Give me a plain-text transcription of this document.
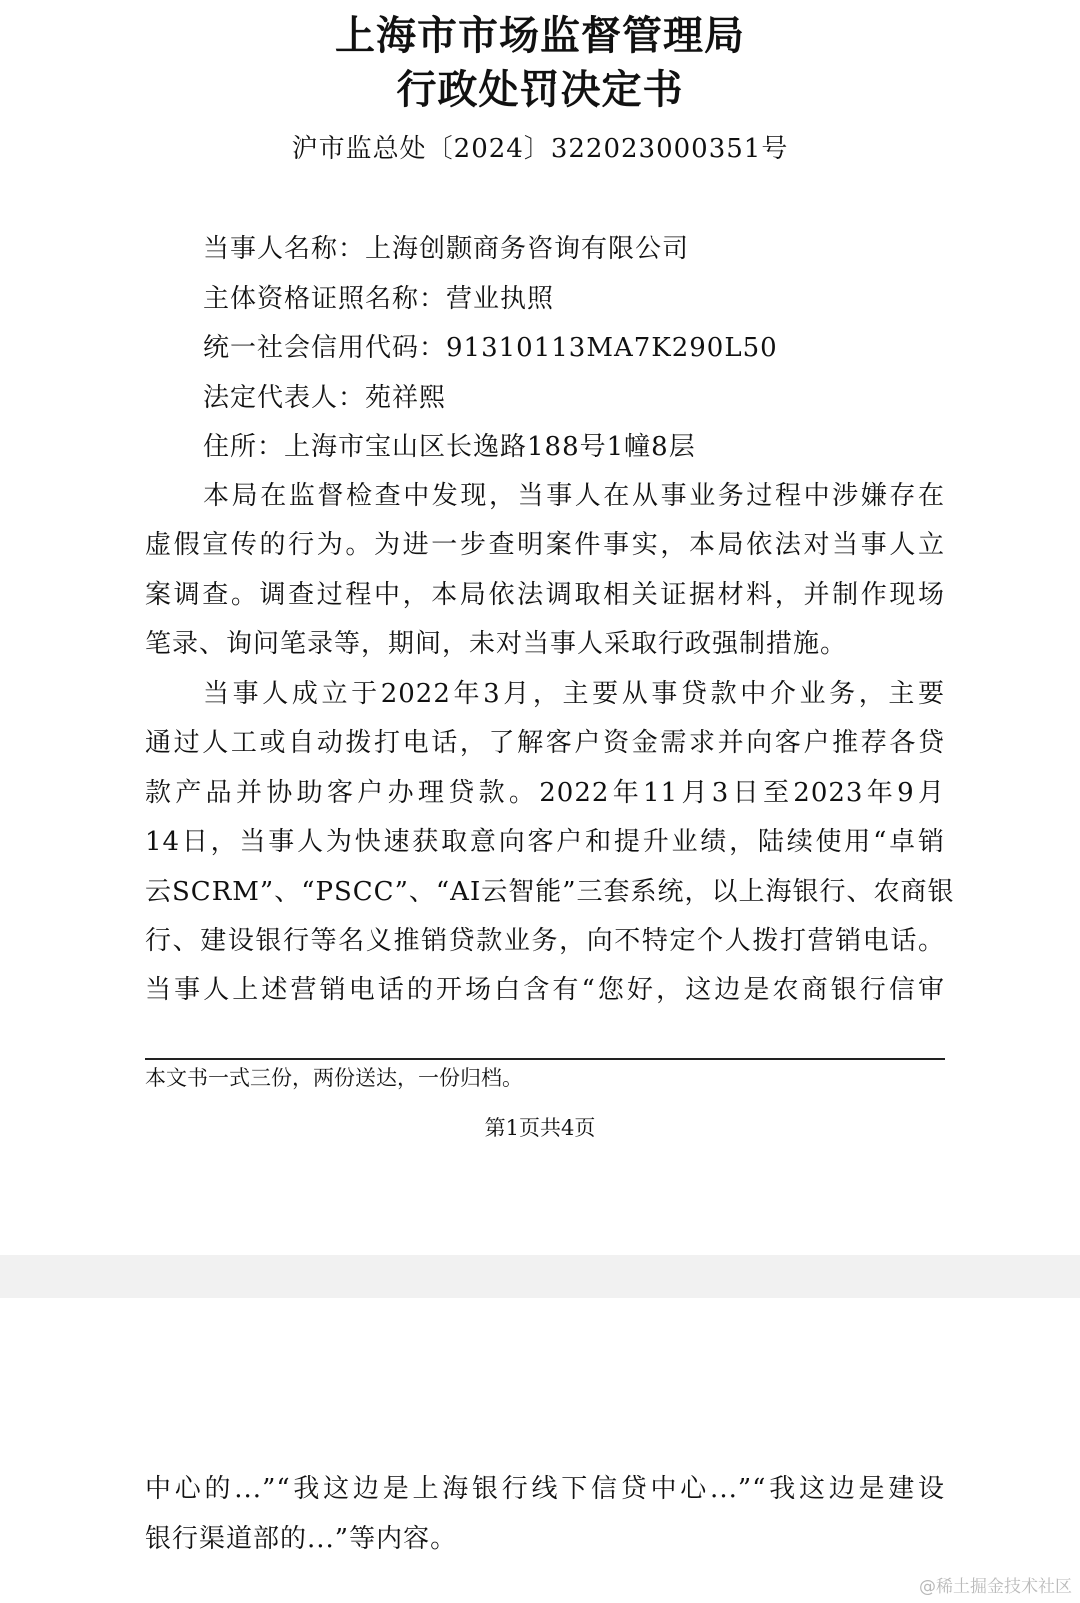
上海市市场监督管理局
行政处罚决定书
沪市监总处〔2024〕322023000351号
当事人名称：上海创颢商务咨询有限公司
主体资格证照名称：营业执照
统一社会信用代码：91310113MA7K290L50
法定代表人：苑祥熙
住所：上海市宝山区长逸路188号1幢8层
本局在监督检查中发现，当事人在从事业务过程中涉嫌存在
虚假宣传的行为。为进一步查明案件事实，本局依法对当事人立
案调查。调查过程中，本局依法调取相关证据材料，并制作现场
笔录、询问笔录等，期间，未对当事人采取行政强制措施。
当事人成立于2022年3月，主要从事贷款中介业务，主要
通过人工或自动拨打电话，了解客户资金需求并向客户推荐各贷
款产品并协助客户办理贷款。2022年11月3日至2023年9月
14日，当事人为快速获取意向客户和提升业绩，陆续使用“卓销
云SCRM”、“PSCC”、“AI云智能”三套系统，以上海银行、农商银
行、建设银行等名义推销贷款业务，向不特定个人拨打营销电话。
当事人上述营销电话的开场白含有“您好，这边是农商银行信审
本文书一式三份，两份送达，一份归档。
第1页共4页
中心的...”“我这边是上海银行线下信贷中心...”“我这边是建设
银行渠道部的...”等内容。
@稀土掘金技术社区
